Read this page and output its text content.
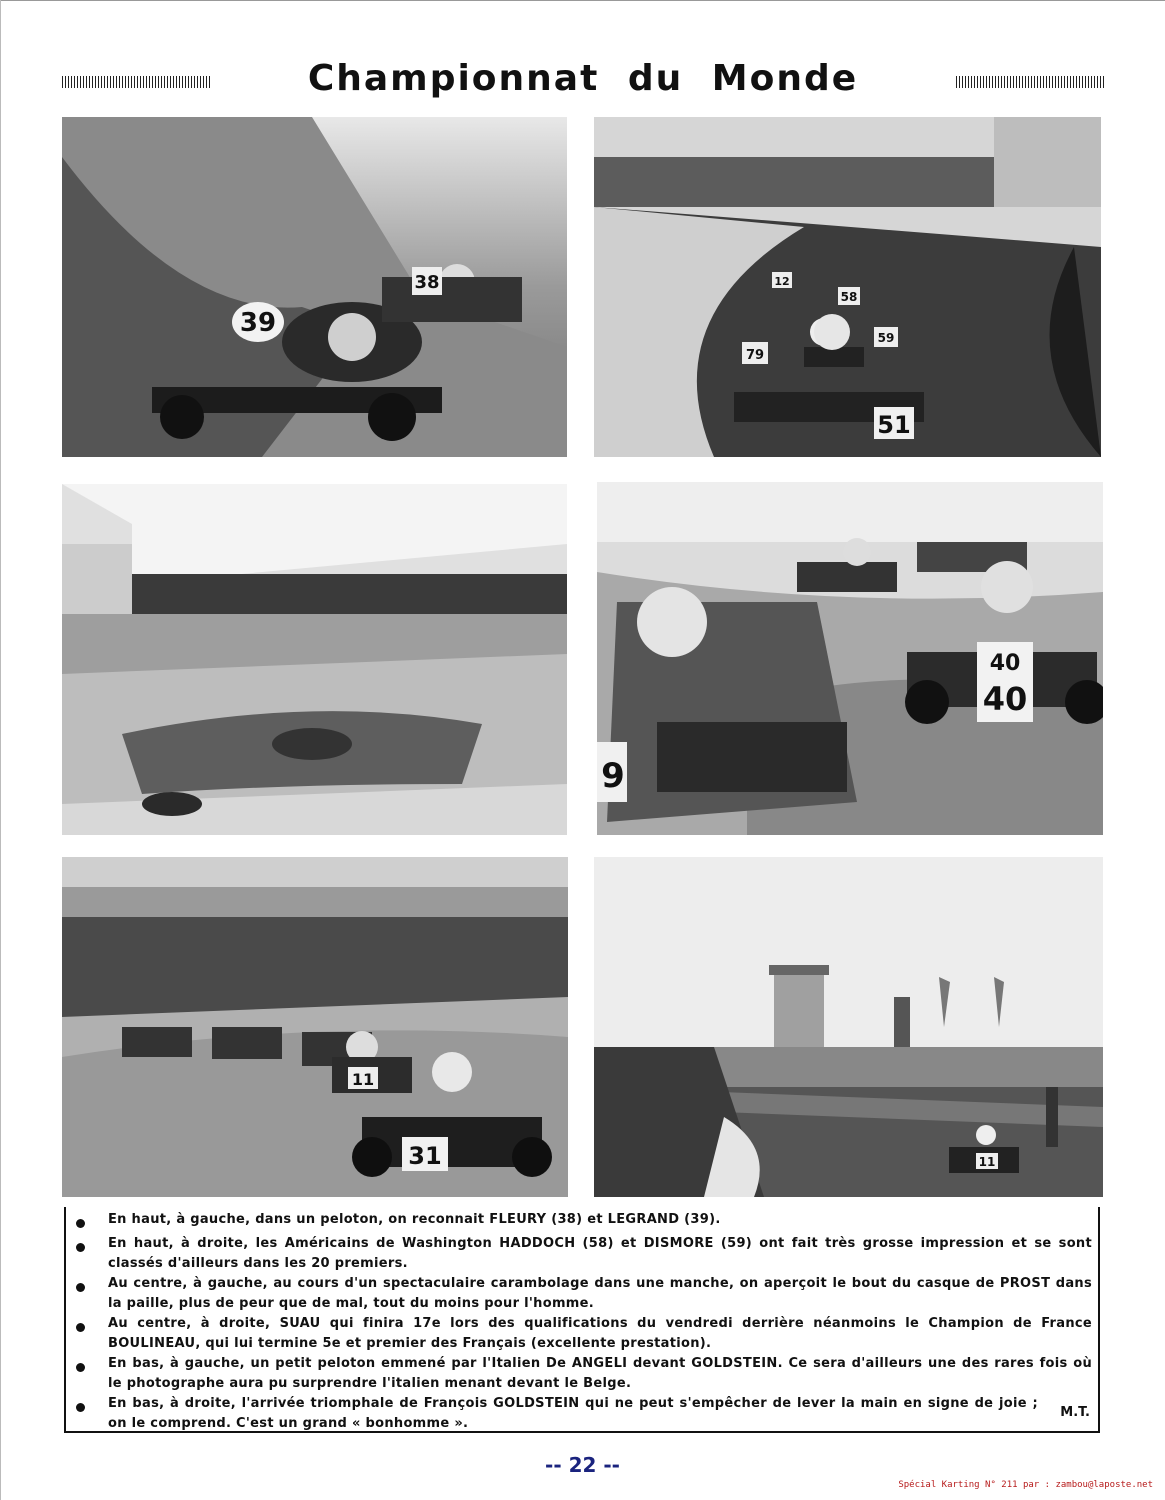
Championnat du Monde
39
38
79
58
59
12
51
9
40
40
11
31	11
En haut, à gauche, dans un peloton, on reconnait FLEURY (38) et LEGRAND (39).
En haut, à droite, les Américains de Washington HADDOCH (58) et DISMORE (59) ont fait très grosse impression et se sont classés d'ailleurs dans les 20 premiers.
Au centre, à gauche, au cours d'un spectaculaire carambolage dans une manche, on aperçoit le bout du casque de PROST dans la paille, plus de peur que de mal, tout du moins pour l'homme.
Au centre, à droite, SUAU qui finira 17e lors des qualifications du vendredi derrière néanmoins le Champion de France BOULINEAU, qui lui termine 5e et premier des Français (excellente prestation).
En bas, à gauche, un petit peloton emmené par l'Italien De ANGELI devant GOLDSTEIN. Ce sera d'ailleurs une des rares fois où le photographe aura pu surprendre l'italien menant devant le Belge.
En bas, à droite, l'arrivée triomphale de François GOLDSTEIN qui ne peut s'empêcher de lever la main en signe de joie ; on le comprend. C'est un grand « bonhomme ».
M.T.
-- 22 --
Spécial Karting N° 211 par : zambou@laposte.net
